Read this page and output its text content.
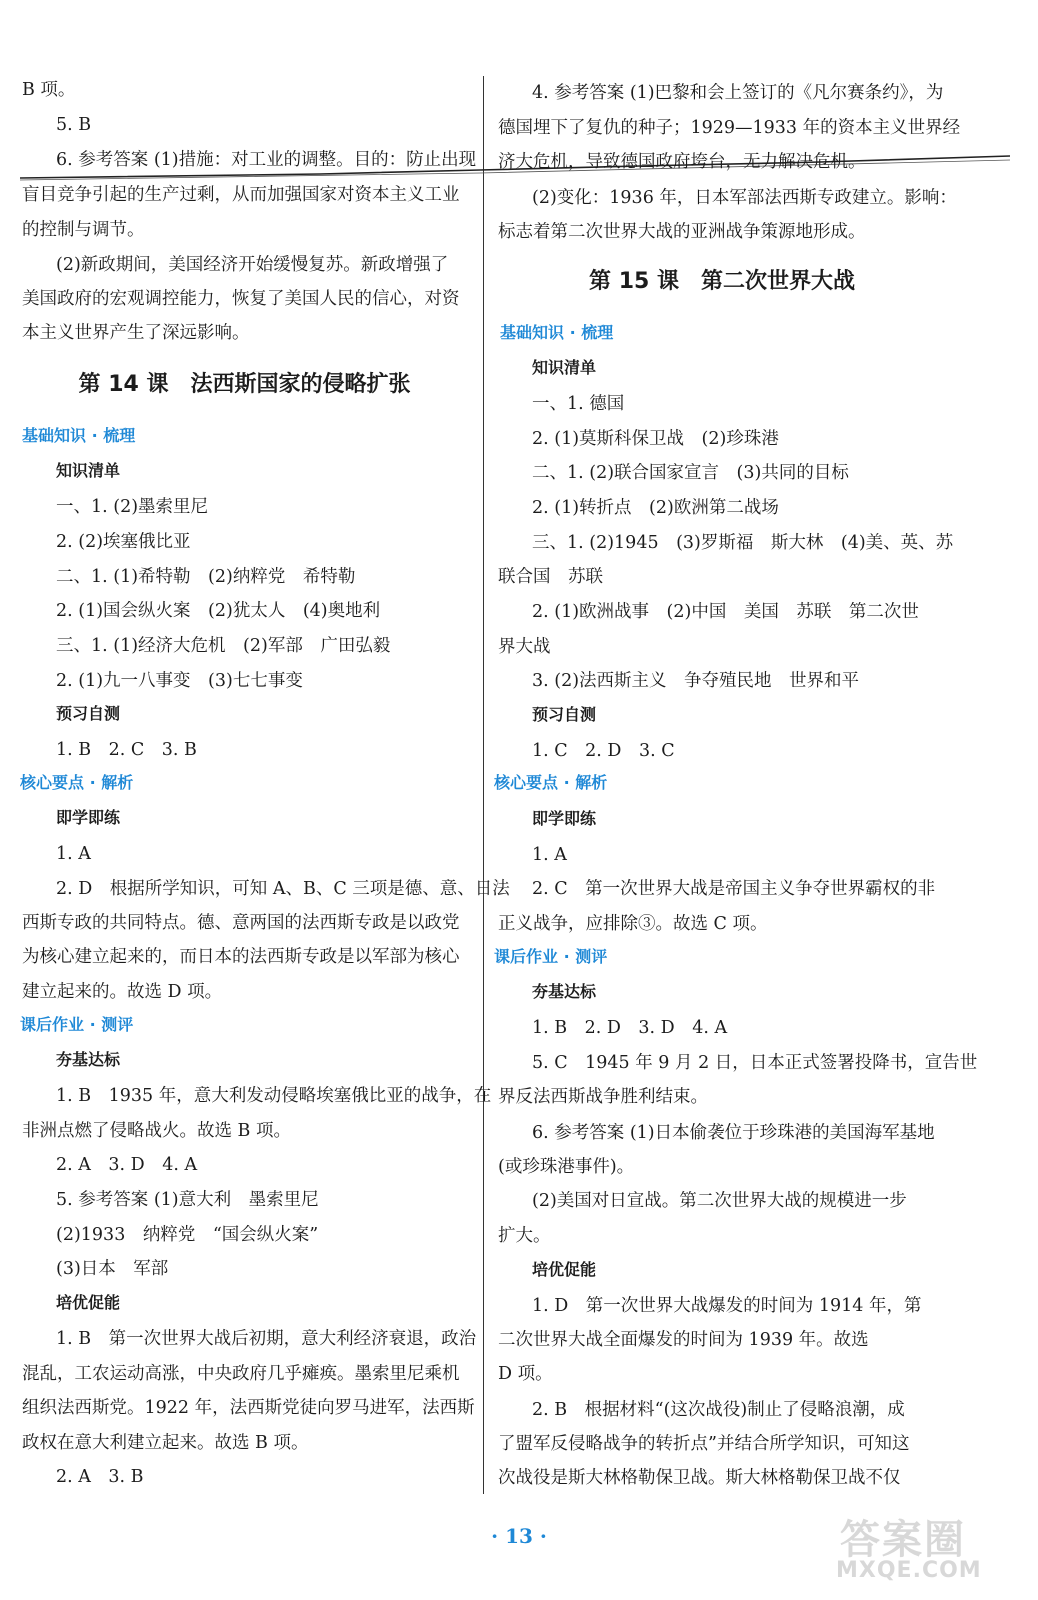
B 项。
5. B
6. 参考答案 (1)措施：对工业的调整。目的：防止出现
盲目竞争引起的生产过剩，从而加强国家对资本主义工业
的控制与调节。
(2)新政期间，美国经济开始缓慢复苏。新政增强了
美国政府的宏观调控能力，恢复了美国人民的信心，对资
本主义世界产生了深远影响。
第 14 课　法西斯国家的侵略扩张
基础知识 · 梳理
知识清单
一、1. (2)墨索里尼
2. (2)埃塞俄比亚
二、1. (1)希特勒　(2)纳粹党　希特勒
2. (1)国会纵火案　(2)犹太人　(4)奥地利
三、1. (1)经济大危机　(2)军部　广田弘毅
2. (1)九一八事变　(3)七七事变
预习自测
1. B　2. C　3. B
核心要点 · 解析
即学即练
1. A
2. D　根据所学知识，可知 A、B、C 三项是德、意、日法
西斯专政的共同特点。德、意两国的法西斯专政是以政党
为核心建立起来的，而日本的法西斯专政是以军部为核心
建立起来的。故选 D 项。
课后作业 · 测评
夯基达标
1. B　1935 年，意大利发动侵略埃塞俄比亚的战争，在
非洲点燃了侵略战火。故选 B 项。
2. A　3. D　4. A
5. 参考答案 (1)意大利　墨索里尼
(2)1933　纳粹党　“国会纵火案”
(3)日本　军部
培优促能
1. B　第一次世界大战后初期，意大利经济衰退，政治
混乱，工农运动高涨，中央政府几乎瘫痪。墨索里尼乘机
组织法西斯党。1922 年，法西斯党徒向罗马进军，法西斯
政权在意大利建立起来。故选 B 项。
2. A　3. B
4. 参考答案 (1)巴黎和会上签订的《凡尔赛条约》，为
德国埋下了复仇的种子；1929—1933 年的资本主义世界经
济大危机，导致德国政府垮台，无力解决危机。
(2)变化：1936 年，日本军部法西斯专政建立。影响：
标志着第二次世界大战的亚洲战争策源地形成。
第 15 课　第二次世界大战
基础知识 · 梳理
知识清单
一、1. 德国
2. (1)莫斯科保卫战　(2)珍珠港
二、1. (2)联合国家宣言　(3)共同的目标
2. (1)转折点　(2)欧洲第二战场
三、1. (2)1945　(3)罗斯福　斯大林　(4)美、英、苏
联合国　苏联
2. (1)欧洲战事　(2)中国　美国　苏联　第二次世
界大战
3. (2)法西斯主义　争夺殖民地　世界和平
预习自测
1. C　2. D　3. C
核心要点 · 解析
即学即练
1. A
2. C　第一次世界大战是帝国主义争夺世界霸权的非
正义战争，应排除③。故选 C 项。
课后作业 · 测评
夯基达标
1. B　2. D　3. D　4. A
5. C　1945 年 9 月 2 日，日本正式签署投降书，宣告世
界反法西斯战争胜利结束。
6. 参考答案 (1)日本偷袭位于珍珠港的美国海军基地
(或珍珠港事件)。
(2)美国对日宣战。第二次世界大战的规模进一步
扩大。
培优促能
1. D　第一次世界大战爆发的时间为 1914 年，第
二次世界大战全面爆发的时间为 1939 年。故选
D 项。
2. B　根据材料“(这次战役)制止了侵略浪潮，成
了盟军反侵略战争的转折点”并结合所学知识，可知这
次战役是斯大林格勒保卫战。斯大林格勒保卫战不仅
· 13 ·	答案圈
MXQE.COM
